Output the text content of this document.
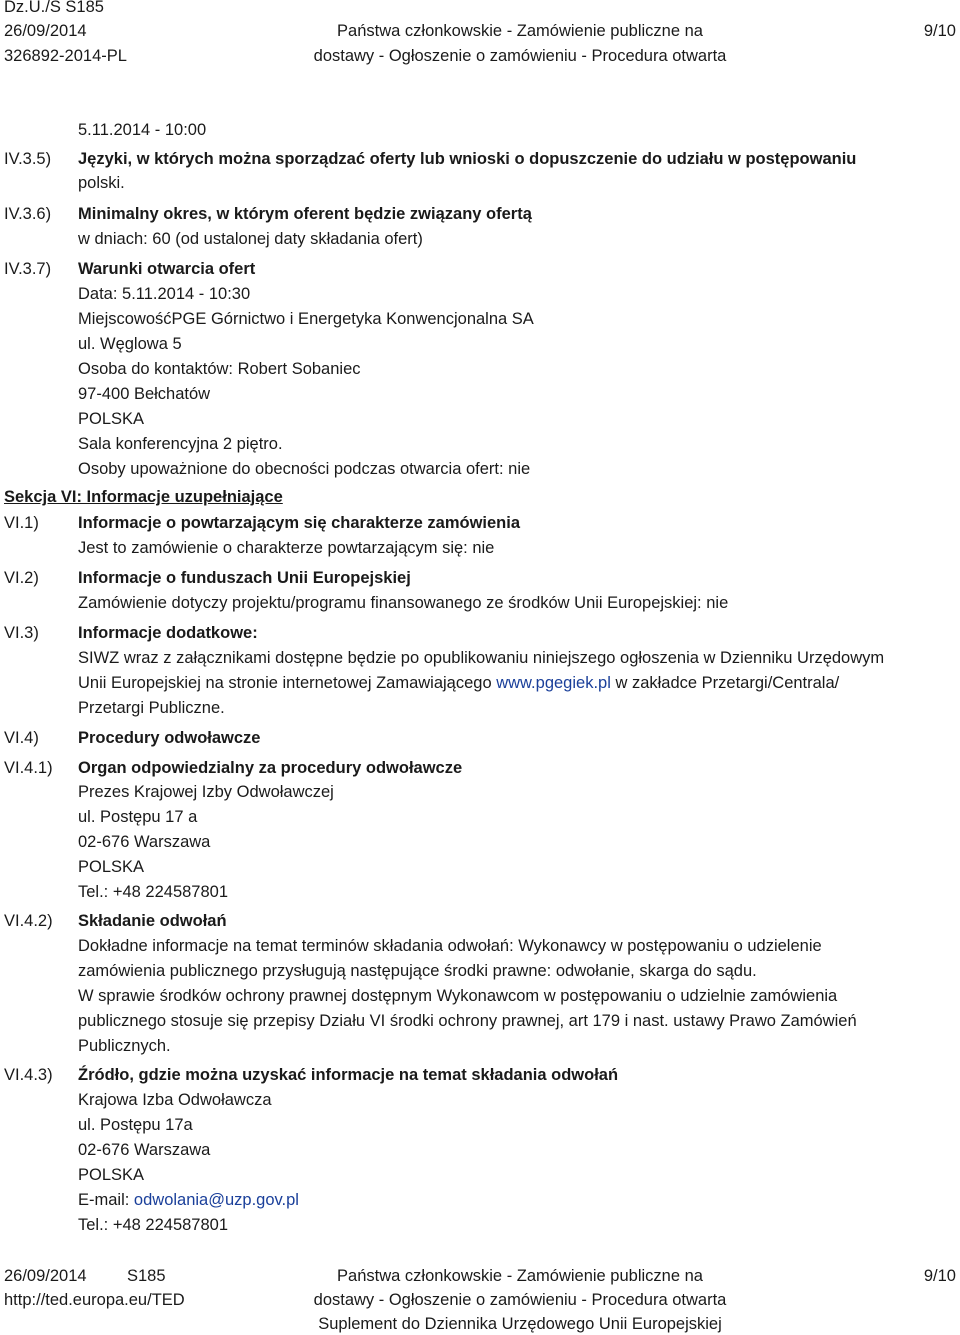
Dz.U./S S185
26/09/2014
326892-2014-PL
Państwa członkowskie - Zamówienie publiczne na
dostawy - Ogłoszenie o zamówieniu - Procedura otwarta
9/10
5.11.2014 - 10:00
IV.3.5)	Języki, w których można sporządzać oferty lub wnioski o dopuszczenie do udziału w postępowaniu
polski.
IV.3.6)	Minimalny okres, w którym oferent będzie związany ofertą
w dniach: 60 (od ustalonej daty składania ofert)
IV.3.7)	Warunki otwarcia ofert
Data: 5.11.2014 - 10:30
MiejscowośćPGE Górnictwo i Energetyka Konwencjonalna SA
ul. Węglowa 5
Osoba do kontaktów: Robert Sobaniec
97-400 Bełchatów
POLSKA
Sala konferencyjna 2 piętro.
Osoby upoważnione do obecności podczas otwarcia ofert: nie
Sekcja VI: Informacje uzupełniające
VI.1)	Informacje o powtarzającym się charakterze zamówienia
Jest to zamówienie o charakterze powtarzającym się: nie
VI.2)	Informacje o funduszach Unii Europejskiej
Zamówienie dotyczy projektu/programu finansowanego ze środków Unii Europejskiej: nie
VI.3)	Informacje dodatkowe:
SIWZ wraz z załącznikami dostępne będzie po opublikowaniu niniejszego ogłoszenia w Dzienniku Urzędowym
Unii Europejskiej na stronie internetowej Zamawiającego www.pgegiek.pl w zakładce Przetargi/Centrala/
Przetargi Publiczne.
VI.4)	Procedury odwoławcze
VI.4.1)	Organ odpowiedzialny za procedury odwoławcze
Prezes Krajowej Izby Odwoławczej
ul. Postępu 17 a
02-676 Warszawa
POLSKA
Tel.: +48 224587801
VI.4.2)	Składanie odwołań
Dokładne informacje na temat terminów składania odwołań: Wykonawcy w postępowaniu o udzielenie
zamówienia publicznego przysługują następujące środki prawne: odwołanie, skarga do sądu.
W sprawie środków ochrony prawnej dostępnym Wykonawcom w postępowaniu o udzielnie zamówienia
publicznego stosuje się przepisy Działu VI środki ochrony prawnej, art 179 i nast. ustawy Prawo Zamówień
Publicznych.
VI.4.3)	Źródło, gdzie można uzyskać informacje na temat składania odwołań
Krajowa Izba Odwoławcza
ul. Postępu 17a
02-676 Warszawa
POLSKA
E-mail: odwolania@uzp.gov.pl
Tel.: +48 224587801
26/09/2014 S185
http://ted.europa.eu/TED
Państwa członkowskie - Zamówienie publiczne na
dostawy - Ogłoszenie o zamówieniu - Procedura otwarta
Suplement do Dziennika Urzędowego Unii Europejskiej
9/10
